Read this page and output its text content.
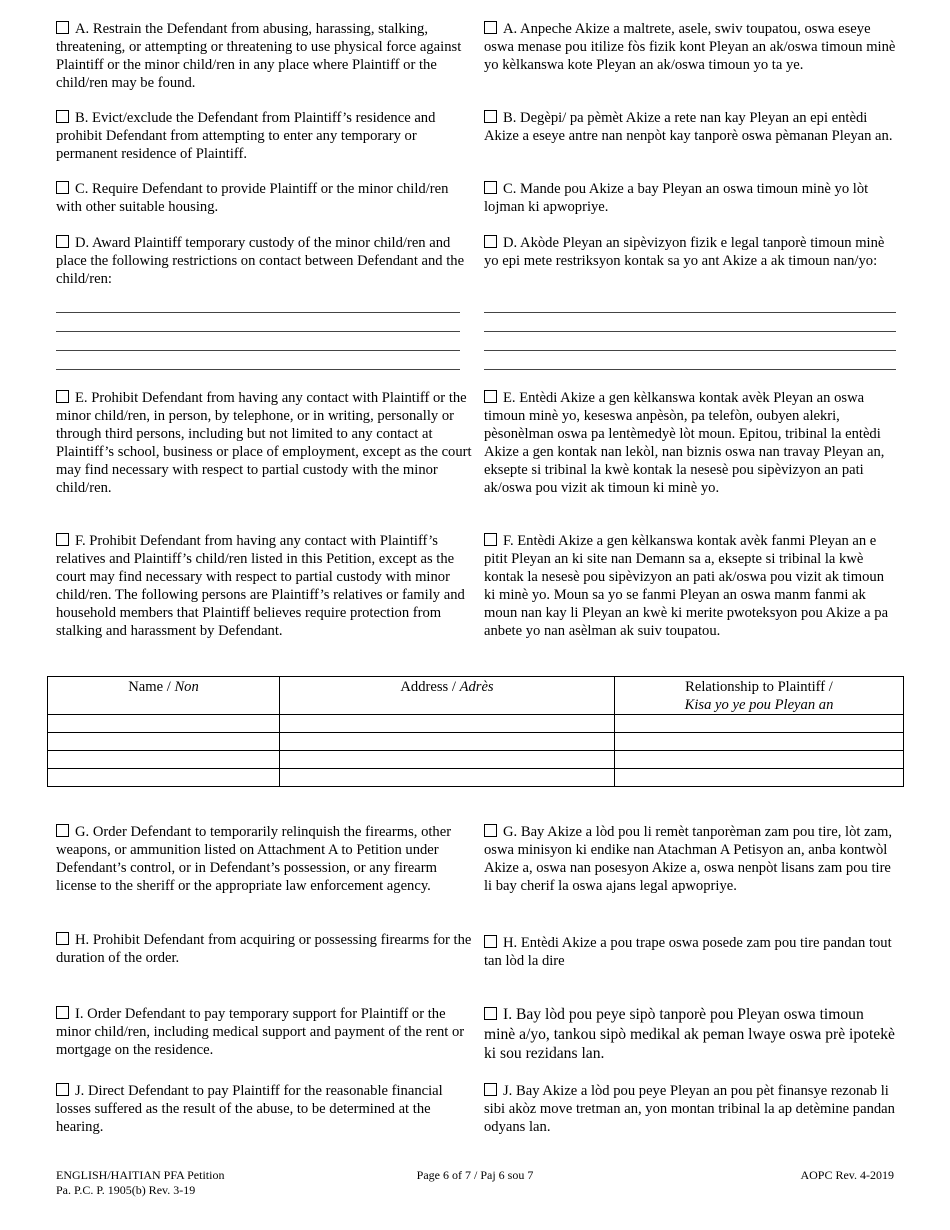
A. Restrain the Defendant from abusing, harassing, stalking, threatening, or attempting or threatening to use physical force against Plaintiff or the minor child/ren in any place where Plaintiff or the child/ren may be found.
A. Anpeche Akize a maltrete, asele, swiv toupatou, oswa eseye oswa menase pou itilize fòs fizik kont Pleyan an ak/oswa timoun minè yo kèlkanswa kote Pleyan an ak/oswa timoun yo ta ye.
B. Evict/exclude the Defendant from Plaintiff’s residence and prohibit Defendant from attempting to enter any temporary or permanent residence of Plaintiff.
B. Degèpi/ pa pèmèt Akize a rete nan kay Pleyan an epi entèdi Akize a eseye antre nan nenpòt kay tanporè oswa pèmanan Pleyan an.
C. Require Defendant to provide Plaintiff or the minor child/ren with other suitable housing.
C. Mande pou Akize a bay Pleyan an oswa timoun minè yo lòt lojman ki apwopriye.
D. Award Plaintiff temporary custody of the minor child/ren and place the following restrictions on contact between Defendant and the child/ren:
D. Akòde Pleyan an sipèvizyon fizik e legal tanporè timoun minè yo epi mete restriksyon kontak sa yo ant Akize a ak timoun nan/yo:
E. Prohibit Defendant from having any contact with Plaintiff or the minor child/ren, in person, by telephone, or in writing, personally or through third persons, including but not limited to any contact at Plaintiff’s school, business or place of employment, except as the court may find necessary with respect to partial custody with the minor child/ren.
E. Entèdi Akize a gen kèlkanswa kontak avèk Pleyan an oswa timoun minè yo, keseswa anpèsòn, pa telefòn, oubyen alekri, pèsonèlman oswa pa lentèmedyè lòt moun. Epitou, tribinal la entèdi Akize a gen kontak nan lekòl, nan biznis oswa nan travay Pleyan an, eksepte si tribinal la kwè kontak la nesesè pou sipèvizyon an pati ak/oswa pou vizit ak timoun ki minè yo.
F. Prohibit Defendant from having any contact with Plaintiff’s relatives and Plaintiff’s child/ren listed in this Petition, except as the court may find necessary with respect to partial custody with minor child/ren. The following persons are Plaintiff’s relatives or family and household members that Plaintiff believes require protection from stalking and harassment by Defendant.
F. Entèdi Akize a gen kèlkanswa kontak avèk fanmi Pleyan an e pitit Pleyan an ki site nan Demann sa a, eksepte si tribinal la kwè kontak la nesesè pou sipèvizyon an pati ak/oswa pou vizit ak timoun ki minè yo. Moun sa yo se fanmi Pleyan an oswa manm fanmi ak moun nan kay li Pleyan an kwè ki merite pwoteksyon pou Akize a pa anbete yo nan asèlman ak suiv toupatou.
Name / Non	Address / Adrès	Relationship to Plaintiff /
Kisa yo ye pou Pleyan an

G. Order Defendant to temporarily relinquish the firearms, other weapons, or ammunition listed on Attachment A to Petition under Defendant’s control, or in Defendant’s possession, or any firearm license to the sheriff or the appropriate law enforcement agency.
G. Bay Akize a lòd pou li remèt tanporèman zam pou tire, lòt zam, oswa minisyon ki endike nan Atachman A Petisyon an, anba kontwòl Akize a, oswa nan posesyon Akize a, oswa nenpòt lisans zam pou tire li bay cherif la oswa ajans legal apwopriye.
H. Prohibit Defendant from acquiring or possessing firearms for the duration of the order.
H. Entèdi Akize a pou trape oswa posede zam pou tire pandan tout tan lòd la dire
I. Order Defendant to pay temporary support for Plaintiff or the minor child/ren, including medical support and payment of the rent or mortgage on the residence.
I. Bay lòd pou peye sipò tanporè pou Pleyan oswa timoun minè a/yo, tankou sipò medikal ak peman lwaye oswa prè ipotekè ki sou rezidans lan.
J. Direct Defendant to pay Plaintiff for the reasonable financial losses suffered as the result of the abuse, to be determined at the hearing.
J. Bay Akize a lòd pou peye Pleyan an pou pèt finansye rezonab li sibi akòz move tretman an, yon montan tribinal la ap detèmine pandan odyans lan.
ENGLISH/HAITIAN PFA Petition
Pa. P.C. P. 1905(b) Rev. 3-19
Page 6 of 7 / Paj 6 sou 7	AOPC Rev. 4-2019
